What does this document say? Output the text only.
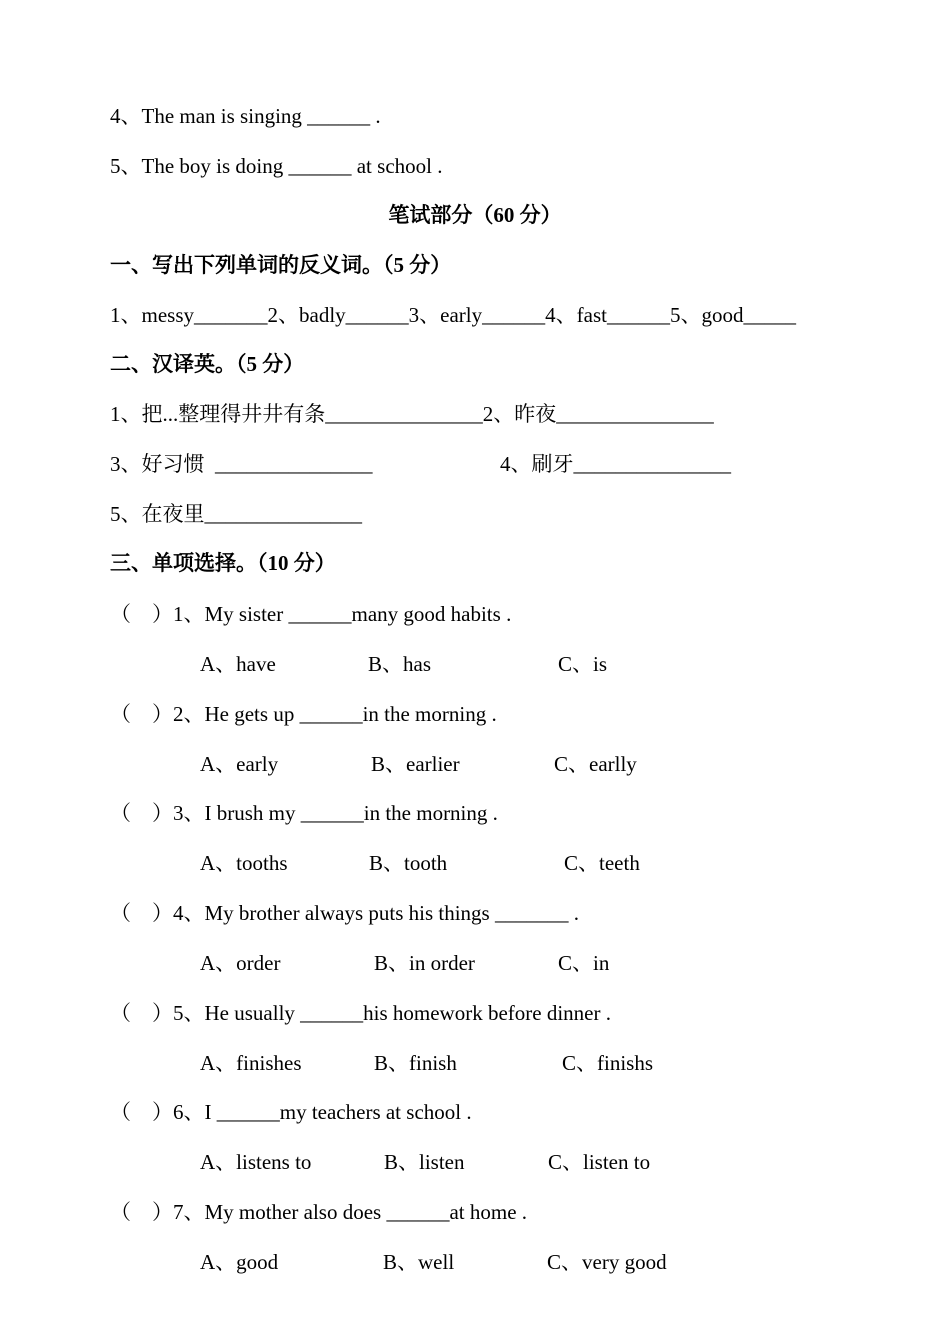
4、The man is singing ______ .
5、The boy is doing ______ at school .
笔试部分（60 分）
一、写出下列单词的反义词。（5 分）
1、messy_______2、badly______3、early______4、fast______5、good_____
二、汉译英。（5 分）
1、把...整理得井井有条_______________2、昨夜_______________
3、好习惯  _______________	4、刷牙_______________
5、在夜里_______________
三、单项选择。（10 分）
（    ）1、My sister ______many good habits .
A、have	B、has	C、is
（    ）2、He gets up ______in the morning .
A、early	B、earlier	C、earlly
（    ）3、I brush my ______in the morning .
A、tooths	B、tooth	C、teeth
（    ）4、My brother always puts his things _______ .
A、order	B、in order	C、in
（    ）5、He usually ______his homework before dinner .
A、finishes	B、finish	C、finishs
（    ）6、I ______my teachers at school .
A、listens to	B、listen	C、listen to
（    ）7、My mother also does ______at home .
A、good	B、well	C、very good
